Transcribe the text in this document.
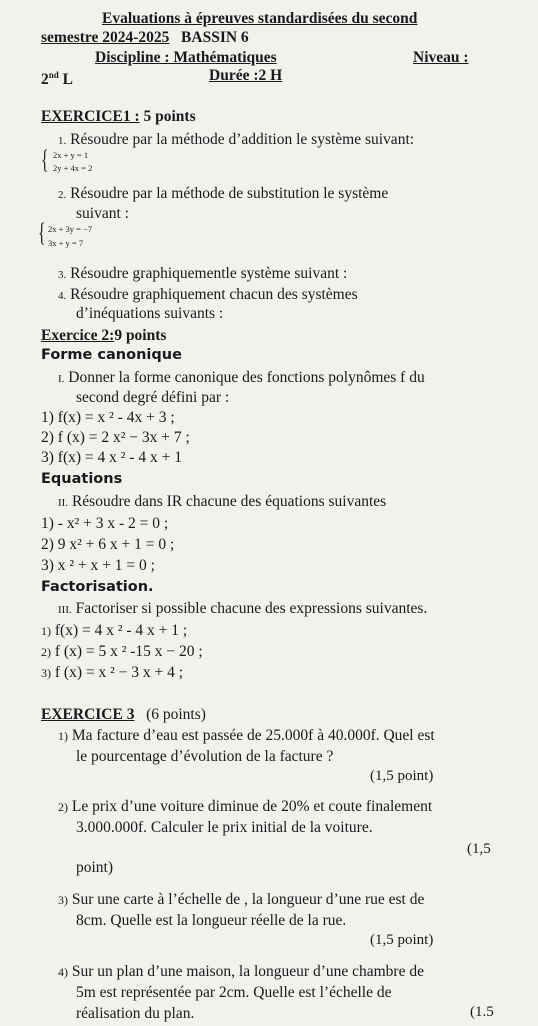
Evaluations à épreuves standardisées du second
semestre 2024-2025 BASSIN 6
Discipline : Mathématiques	Niveau :
2nd L	Durée :2 H
EXERCICE1 : 5 points
1. Résoudre par la méthode d’addition le système suivant:
{ 2x + y = 1
2y + 4x = 2
2. Résoudre par la méthode de substitution le système
suivant :
{ 2x + 3y = −7
3x + y = 7
3. Résoudre graphiquementle système suivant :
4. Résoudre graphiquement chacun des systèmes
d’inéquations suivants :
Exercice 2:9 points
Forme canonique
I. Donner la forme canonique des fonctions polynômes f du
second degré défini par :
1) f(x) = x ² - 4x + 3 ;
2) f (x) = 2 x² − 3x + 7 ;
3) f(x) = 4 x ² - 4 x + 1
Equations
II. Résoudre dans IR chacune des équations suivantes
1) - x² + 3 x - 2 = 0 ;
2) 9 x² + 6 x + 1 = 0 ;
3) x ² + x + 1 = 0 ;
Factorisation.
III. Factoriser si possible chacune des expressions suivantes.
1) f(x) = 4 x ² - 4 x + 1 ;
2) f (x) = 5 x ² -15 x − 20 ;
3) f (x) = x ² − 3 x + 4 ;
EXERCICE 3 (6 points)
1) Ma facture d’eau est passée de 25.000f à 40.000f. Quel est
le pourcentage d’évolution de la facture ?
(1,5 point)
2) Le prix d’une voiture diminue de 20% et coute finalement
3.000.000f. Calculer le prix initial de la voiture.
(1,5
point)
3) Sur une carte à l’échelle de , la longueur d’une rue est de
8cm. Quelle est la longueur réelle de la rue.
(1,5 point)
4) Sur un plan d’une maison, la longueur d’une chambre de
5m est représentée par 2cm. Quelle est l’échelle de
réalisation du plan.	(1.5
